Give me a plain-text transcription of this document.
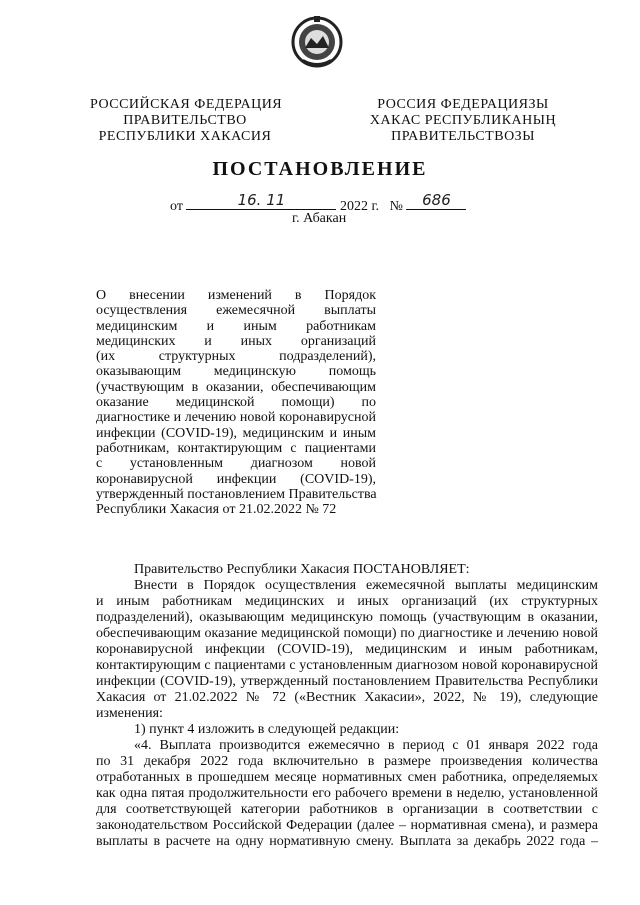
РОССИЙСКАЯ ФЕДЕРАЦИЯ
ПРАВИТЕЛЬСТВО
РЕСПУБЛИКИ ХАКАСИЯ
РОССИЯ ФЕДЕРАЦИЯЗЫ
ХАКАС РЕСПУБЛИКАНЫҢ
ПРАВИТЕЛЬСТВОЗЫ
ПОСТАНОВЛЕНИЕ
от	16. 11	2022 г. №	686
г. Абакан
О внесении изменений в Порядок
осуществления ежемесячной выплаты
медицинским и иным работникам
медицинских и иных организаций
(их структурных подразделений),
оказывающим медицинскую помощь
(участвующим в оказании, обеспечивающим
оказание медицинской помощи) по
диагностике и лечению новой коронавирусной
инфекции (COVID-19), медицинским и иным
работникам, контактирующим с пациентами
с установленным диагнозом новой
коронавирусной инфекции (COVID-19),
утвержденный постановлением Правительства
Республики Хакасия от 21.02.2022 № 72
Правительство Республики Хакасия ПОСТАНОВЛЯЕТ:
Внести в Порядок осуществления ежемесячной выплаты медицинским
и иным работникам медицинских и иных организаций (их структурных
подразделений), оказывающим медицинскую помощь (участвующим в оказании,
обеспечивающим оказание медицинской помощи) по диагностике и лечению новой
коронавирусной инфекции (COVID-19), медицинским и иным работникам,
контактирующим с пациентами с установленным диагнозом новой коронавирусной
инфекции (COVID-19), утвержденный постановлением Правительства Республики
Хакасия от 21.02.2022 № 72 («Вестник Хакасии», 2022, № 19), следующие
изменения:
1) пункт 4 изложить в следующей редакции:
«4. Выплата производится ежемесячно в период с 01 января 2022 года
по 31 декабря 2022 года включительно в размере произведения количества
отработанных в прошедшем месяце нормативных смен работника, определяемых
как одна пятая продолжительности его рабочего времени в неделю, установленной
для соответствующей категории работников в организации в соответствии с
законодательством Российской Федерации (далее – нормативная смена), и размера
выплаты в расчете на одну нормативную смену. Выплата за декабрь 2022 года –
